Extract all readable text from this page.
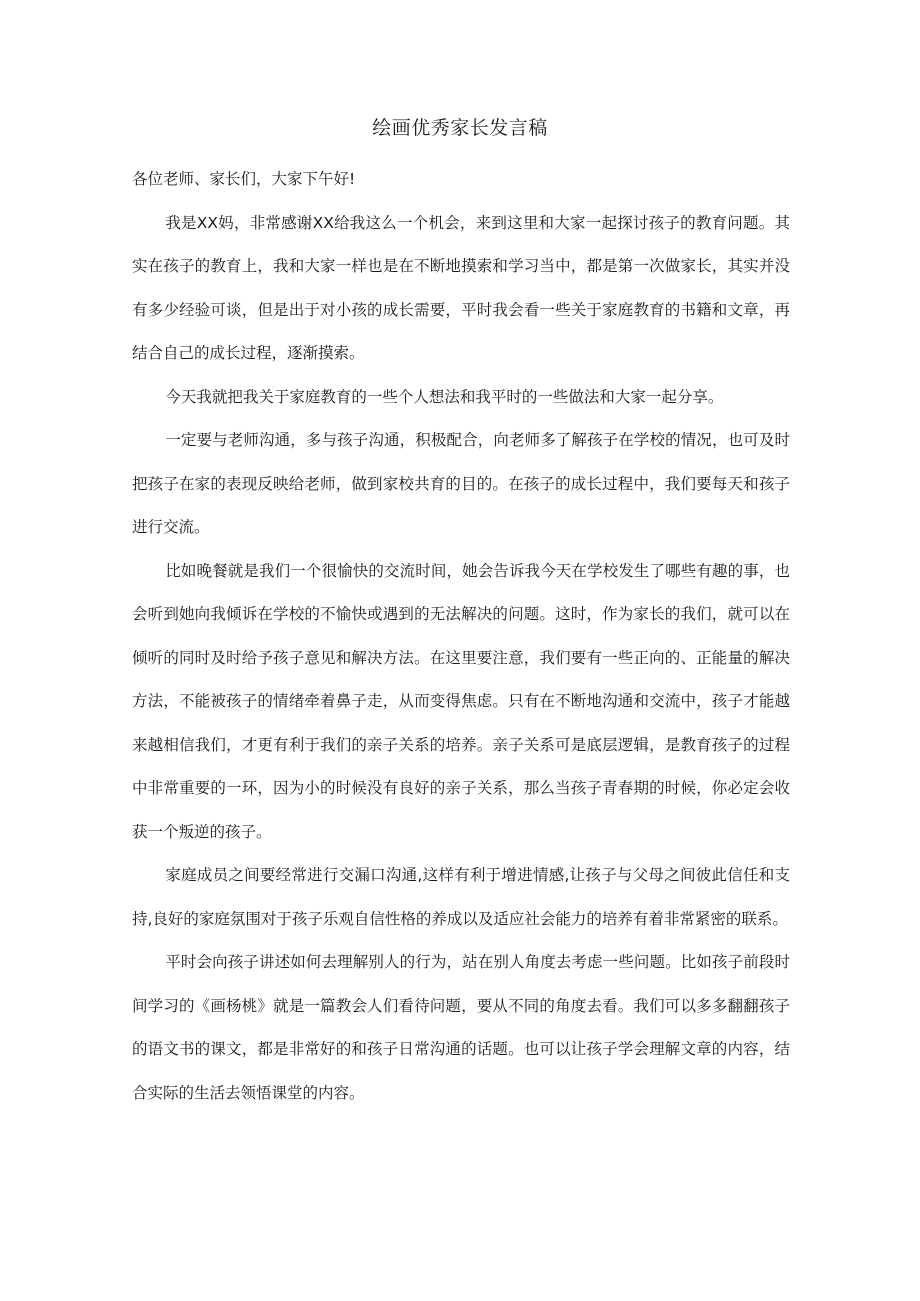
绘画优秀家长发言稿

各位老师、家长们，大家下午好!

我是XX妈，非常感谢XX给我这么一个机会，来到这里和大家一起探讨孩子的教育问题。其实在孩子的教育上，我和大家一样也是在不断地摸索和学习当中，都是第一次做家长，其实并没有多少经验可谈，但是出于对小孩的成长需要，平时我会看一些关于家庭教育的书籍和文章，再结合自己的成长过程，逐渐摸索。

今天我就把我关于家庭教育的一些个人想法和我平时的一些做法和大家一起分享。

一定要与老师沟通，多与孩子沟通，积极配合，向老师多了解孩子在学校的情况，也可及时把孩子在家的表现反映给老师，做到家校共育的目的。在孩子的成长过程中，我们要每天和孩子进行交流。

比如晚餐就是我们一个很愉快的交流时间，她会告诉我今天在学校发生了哪些有趣的事，也会听到她向我倾诉在学校的不愉快或遇到的无法解决的问题。这时，作为家长的我们，就可以在倾听的同时及时给予孩子意见和解决方法。在这里要注意，我们要有一些正向的、正能量的解决方法，不能被孩子的情绪牵着鼻子走，从而变得焦虑。只有在不断地沟通和交流中，孩子才能越来越相信我们，才更有利于我们的亲子关系的培养。亲子关系可是底层逻辑，是教育孩子的过程中非常重要的一环，因为小的时候没有良好的亲子关系，那么当孩子青春期的时候，你必定会收获一个叛逆的孩子。

家庭成员之间要经常进行交漏口沟通,这样有利于增进情感,让孩子与父母之间彼此信任和支持,良好的家庭氛围对于孩子乐观自信性格的养成以及适应社会能力的培养有着非常紧密的联系。

平时会向孩子讲述如何去理解别人的行为，站在别人角度去考虑一些问题。比如孩子前段时间学习的《画杨桃》就是一篇教会人们看待问题，要从不同的角度去看。我们可以多多翻翻孩子的语文书的课文，都是非常好的和孩子日常沟通的话题。也可以让孩子学会理解文章的内容，结合实际的生活去领悟课堂的内容。
